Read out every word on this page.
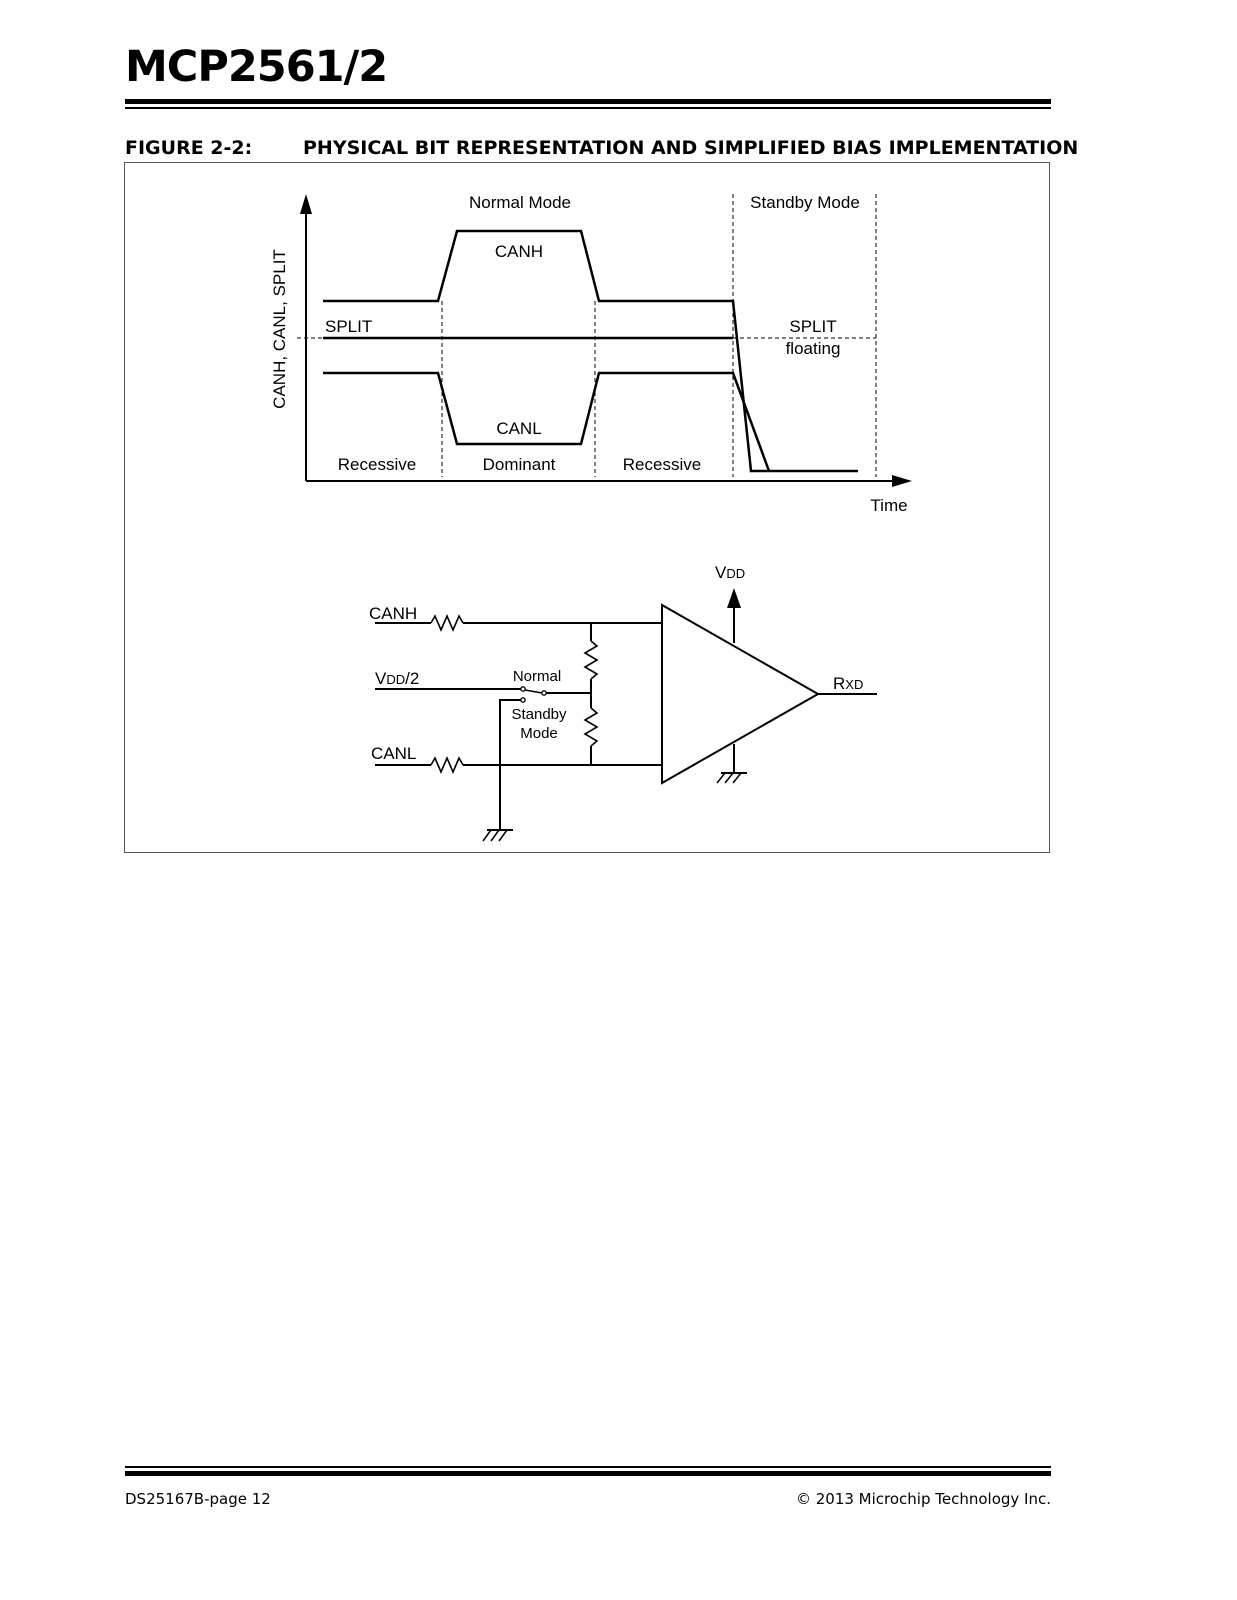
MCP2561/2
FIGURE 2-2:	PHYSICAL BIT REPRESENTATION AND SIMPLIFIED BIAS IMPLEMENTATION
CANH, CANL, SPLIT
Time
Normal Mode	Standby Mode
CANH
CANL
SPLIT	SPLIT
floating
Recessive	Dominant	Recessive
CANH
CANL
VDD/2
VDD
RXD
Normal
Standby
Mode
DS25167B-page 12	© 2013 Microchip Technology Inc.
